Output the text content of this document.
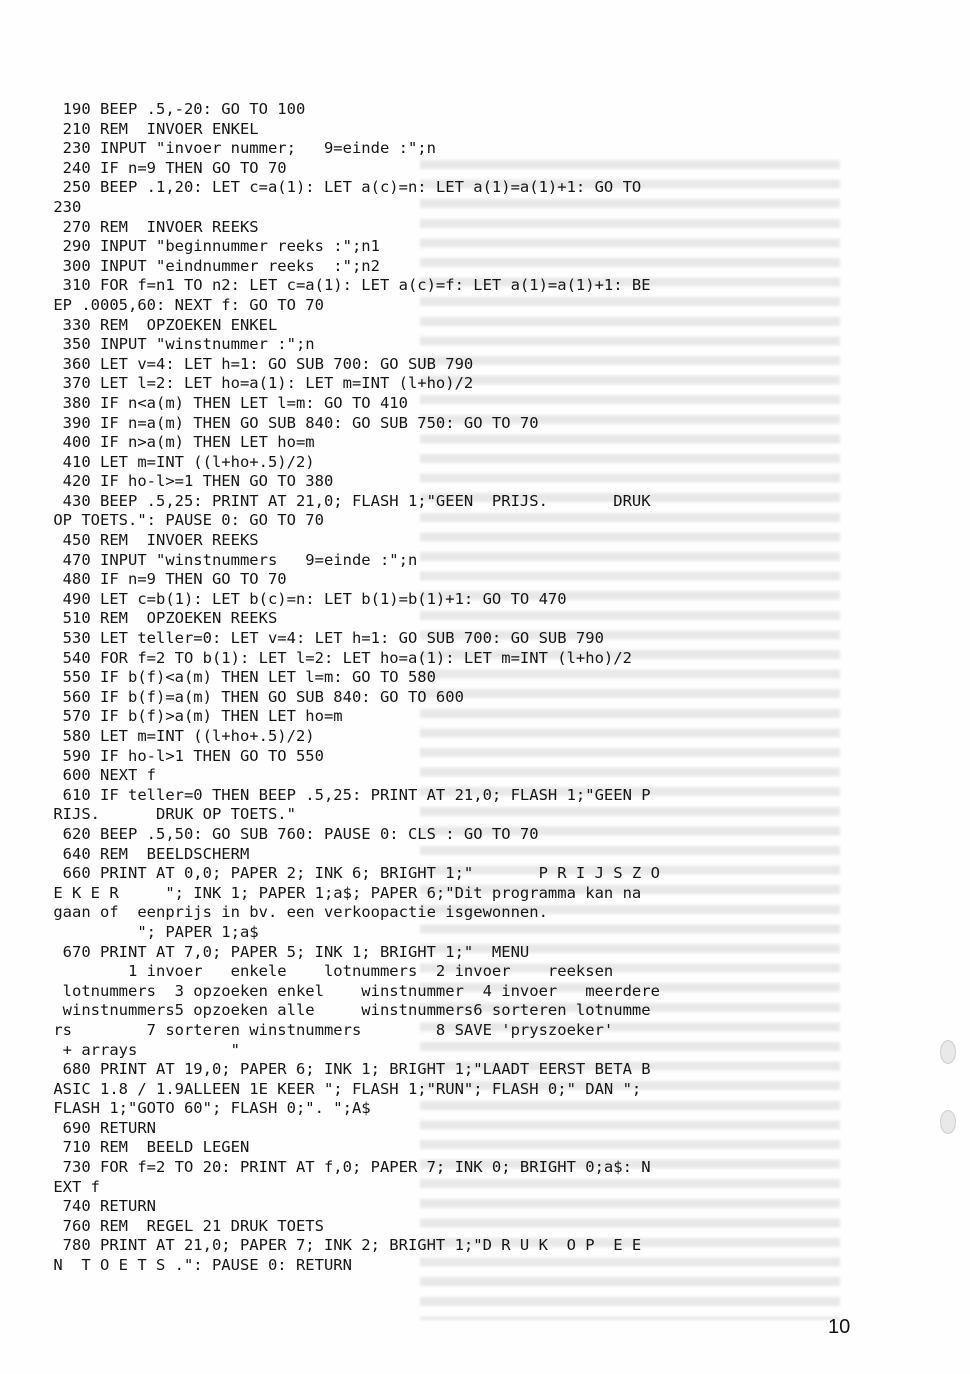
190 BEEP .5,-20: GO TO 100
210 REM  INVOER ENKEL
230 INPUT "invoer nummer;   9=einde :";n
240 IF n=9 THEN GO TO 70
250 BEEP .1,20: LET c=a(1): LET a(c)=n: LET a(1)=a(1)+1: GO TO
230
270 REM  INVOER REEKS
290 INPUT "beginnummer reeks :";n1
300 INPUT "eindnummer reeks  :";n2
310 FOR f=n1 TO n2: LET c=a(1): LET a(c)=f: LET a(1)=a(1)+1: BE
EP .0005,60: NEXT f: GO TO 70
330 REM  OPZOEKEN ENKEL
350 INPUT "winstnummer :";n
360 LET v=4: LET h=1: GO SUB 700: GO SUB 790
370 LET l=2: LET ho=a(1): LET m=INT (l+ho)/2
380 IF n<a(m) THEN LET l=m: GO TO 410
390 IF n=a(m) THEN GO SUB 840: GO SUB 750: GO TO 70
400 IF n>a(m) THEN LET ho=m
410 LET m=INT ((l+ho+.5)/2)
420 IF ho-l>=1 THEN GO TO 380
430 BEEP .5,25: PRINT AT 21,0; FLASH 1;"GEEN  PRIJS.       DRUK
OP TOETS.": PAUSE 0: GO TO 70
450 REM  INVOER REEKS
470 INPUT "winstnummers   9=einde :";n
480 IF n=9 THEN GO TO 70
490 LET c=b(1): LET b(c)=n: LET b(1)=b(1)+1: GO TO 470
510 REM  OPZOEKEN REEKS
530 LET teller=0: LET v=4: LET h=1: GO SUB 700: GO SUB 790
540 FOR f=2 TO b(1): LET l=2: LET ho=a(1): LET m=INT (l+ho)/2
550 IF b(f)<a(m) THEN LET l=m: GO TO 580
560 IF b(f)=a(m) THEN GO SUB 840: GO TO 600
570 IF b(f)>a(m) THEN LET ho=m
580 LET m=INT ((l+ho+.5)/2)
590 IF ho-l>1 THEN GO TO 550
600 NEXT f
610 IF teller=0 THEN BEEP .5,25: PRINT AT 21,0; FLASH 1;"GEEN P
RIJS.      DRUK OP TOETS."
620 BEEP .5,50: GO SUB 760: PAUSE 0: CLS : GO TO 70
640 REM  BEELDSCHERM
660 PRINT AT 0,0; PAPER 2; INK 6; BRIGHT 1;"       P R I J S Z O
E K E R     "; INK 1; PAPER 1;a$; PAPER 6;"Dit programma kan na
gaan of  eenprijs in bv. een verkoopactie isgewonnen.
"; PAPER 1;a$
670 PRINT AT 7,0; PAPER 5; INK 1; BRIGHT 1;"  MENU
1 invoer   enkele    lotnummers  2 invoer    reeksen
lotnummers  3 opzoeken enkel    winstnummer  4 invoer   meerdere
winstnummers5 opzoeken alle     winstnummers6 sorteren lotnumme
rs        7 sorteren winstnummers        8 SAVE 'pryszoeker'
+ arrays          "
680 PRINT AT 19,0; PAPER 6; INK 1; BRIGHT 1;"LAADT EERST BETA B
ASIC 1.8 / 1.9ALLEEN 1E KEER "; FLASH 1;"RUN"; FLASH 0;" DAN ";
FLASH 1;"GOTO 60"; FLASH 0;". ";A$
690 RETURN
710 REM  BEELD LEGEN
730 FOR f=2 TO 20: PRINT AT f,0; PAPER 7; INK 0; BRIGHT 0;a$: N
EXT f
740 RETURN
760 REM  REGEL 21 DRUK TOETS
780 PRINT AT 21,0; PAPER 7; INK 2; BRIGHT 1;"D R U K  O P  E E
N  T O E T S .": PAUSE 0: RETURN
10
